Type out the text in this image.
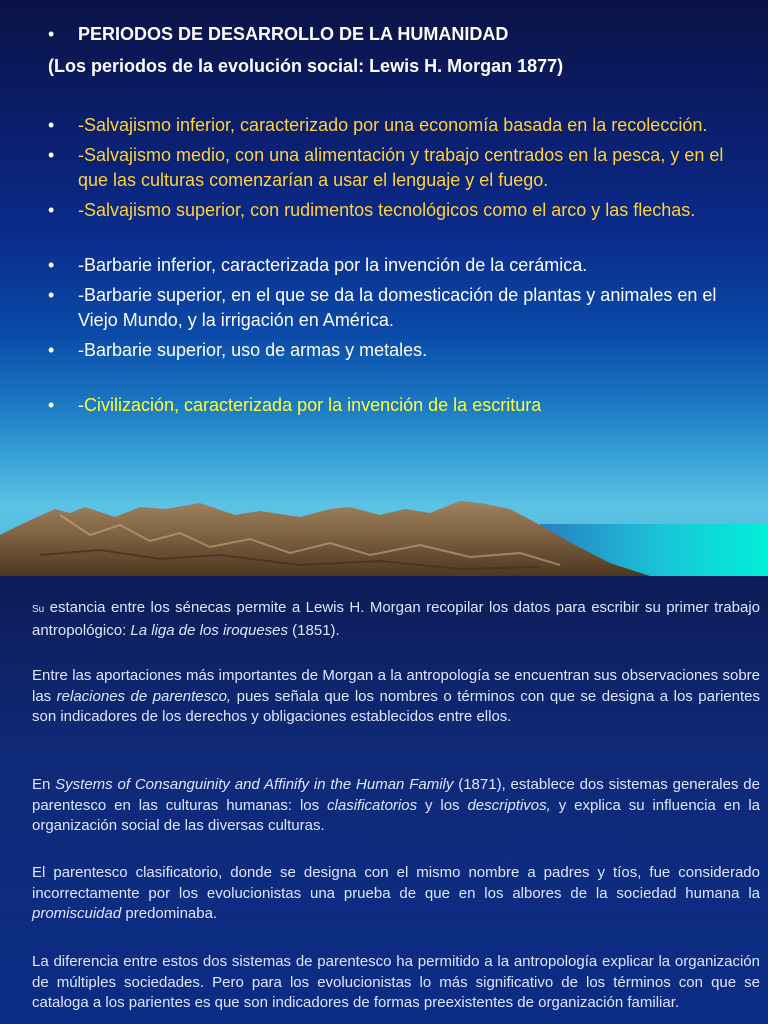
• PERIODOS DE DESARROLLO DE LA HUMANIDAD
(Los periodos de la evolución social: Lewis H. Morgan 1877)
• -Salvajismo inferior, caracterizado por una economía basada en la recolección.
• -Salvajismo medio, con una alimentación y trabajo centrados en la pesca, y en el que las culturas comenzarían a usar el lenguaje y el fuego.
• -Salvajismo superior, con rudimentos tecnológicos como el arco y las flechas.
• -Barbarie inferior, caracterizada por la invención de la cerámica.
• -Barbarie superior, en el que se da la domesticación de plantas y animales en el Viejo Mundo, y la irrigación en América.
• -Barbarie superior, uso de armas y metales.
• -Civilización, caracterizada por la invención de la escritura

Su estancia entre los sénecas permite a Lewis H. Morgan recopilar los datos para escribir su primer trabajo antropológico: La liga de los iroqueses (1851).

Entre las aportaciones más importantes de Morgan a la antropología se encuentran sus observaciones sobre las relaciones de parentesco, pues señala que los nombres o términos con que se designa a los parientes son indicadores de los derechos y obligaciones establecidos entre ellos.

En Systems of Consanguinity and Affinify in the Human Family (1871), establece dos sistemas generales de parentesco en las culturas humanas: los clasificatorios y los descriptivos, y explica su influencia en la organización social de las diversas culturas.

El parentesco clasificatorio, donde se designa con el mismo nombre a padres y tíos, fue considerado incorrectamente por los evolucionistas una prueba de que en los albores de la sociedad humana la promiscuidad predominaba.

La diferencia entre estos dos sistemas de parentesco ha permitido a la antropología explicar la organización de múltiples sociedades. Pero para los evolucionistas lo más significativo de los términos con que se cataloga a los parientes es que son indicadores de formas preexistentes de organización familiar.
